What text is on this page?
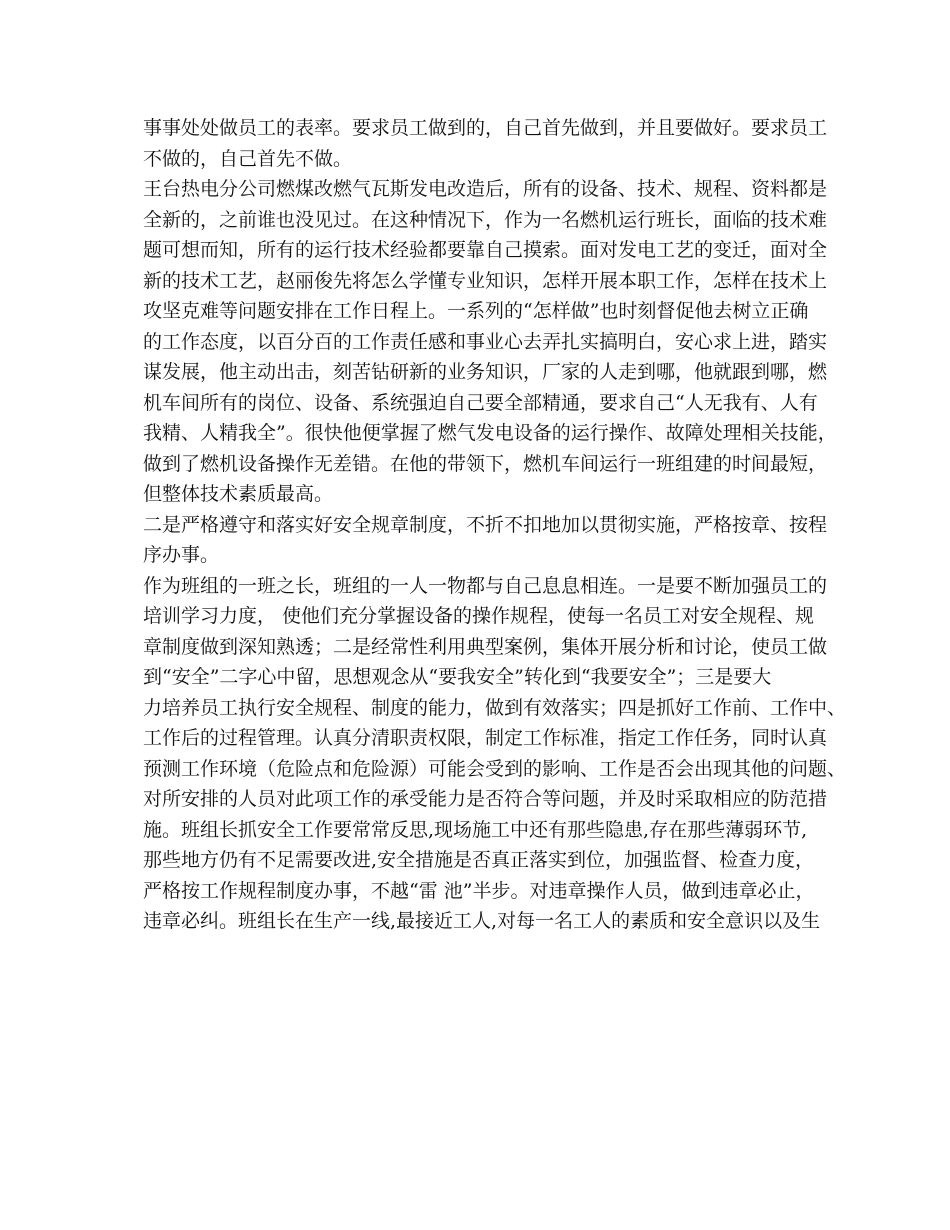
事事处处做员工的表率。要求员工做到的，自己首先做到，并且要做好。要求员工
不做的，自己首先不做。
王台热电分公司燃煤改燃气瓦斯发电改造后，所有的设备、技术、规程、资料都是
全新的，之前谁也没见过。在这种情况下，作为一名燃机运行班长，面临的技术难
题可想而知，所有的运行技术经验都要靠自己摸索。面对发电工艺的变迁，面对全
新的技术工艺，赵丽俊先将怎么学懂专业知识，怎样开展本职工作，怎样在技术上
攻坚克难等问题安排在工作日程上。一系列的“怎样做”也时刻督促他去树立正确
的工作态度，以百分百的工作责任感和事业心去弄扎实搞明白，安心求上进，踏实
谋发展，他主动出击，刻苦钻研新的业务知识，厂家的人走到哪，他就跟到哪，燃
机车间所有的岗位、设备、系统强迫自己要全部精通，要求自己“人无我有、人有
我精、人精我全”。很快他便掌握了燃气发电设备的运行操作、故障处理相关技能，
做到了燃机设备操作无差错。在他的带领下，燃机车间运行一班组建的时间最短，
但整体技术素质最高。
二是严格遵守和落实好安全规章制度，不折不扣地加以贯彻实施，严格按章、按程
序办事。
作为班组的一班之长，班组的一人一物都与自己息息相连。一是要不断加强员工的
培训学习力度， 使他们充分掌握设备的操作规程，使每一名员工对安全规程、规
章制度做到深知熟透；二是经常性利用典型案例，集体开展分析和讨论，使员工做
到“安全”二字心中留，思想观念从“要我安全”转化到“我要安全”；三是要大
力培养员工执行安全规程、制度的能力，做到有效落实；四是抓好工作前、工作中、
工作后的过程管理。认真分清职责权限，制定工作标准，指定工作任务，同时认真
预测工作环境（危险点和危险源）可能会受到的影响、工作是否会出现其他的问题、
对所安排的人员对此项工作的承受能力是否符合等问题，并及时采取相应的防范措
施。班组长抓安全工作要常常反思,现场施工中还有那些隐患,存在那些薄弱环节,
那些地方仍有不足需要改进,安全措施是否真正落实到位，加强监督、检查力度，
严格按工作规程制度办事，不越“雷 池”半步。对违章操作人员，做到违章必止，
违章必纠。班组长在生产一线,最接近工人,对每一名工人的素质和安全意识以及生
